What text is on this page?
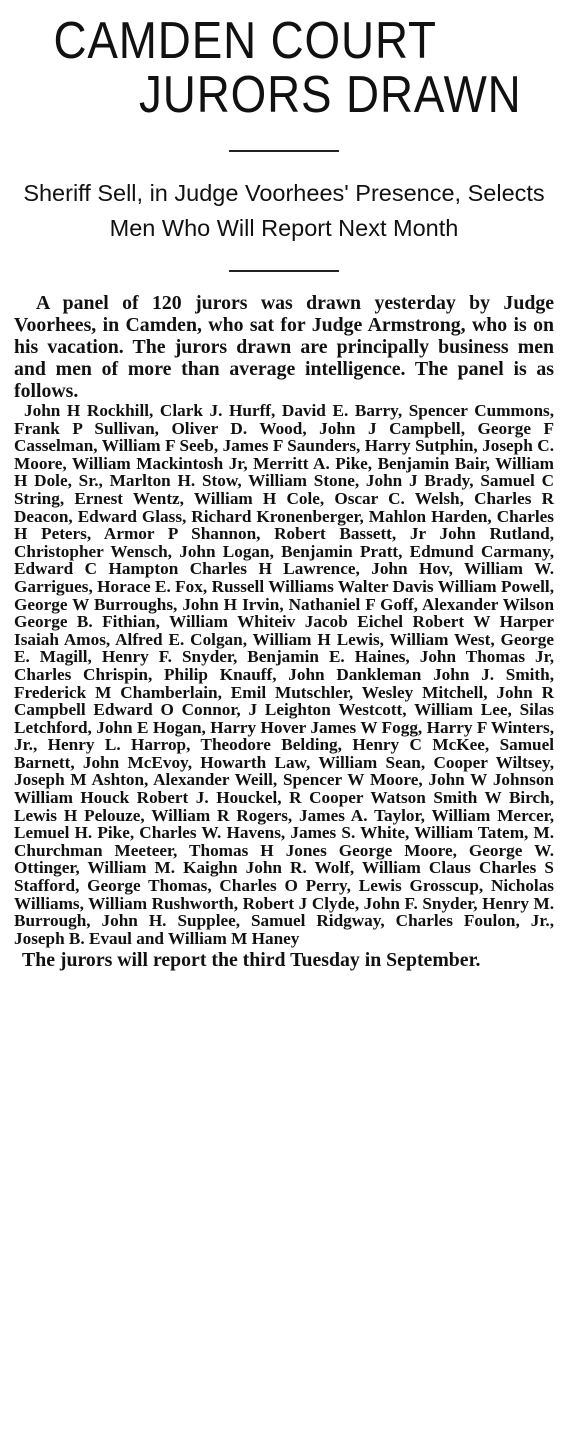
CAMDEN COURT
JURORS DRAWN
Sheriff Sell, in Judge Voorhees' Presence, Selects Men Who Will Report Next Month

A panel of 120 jurors was drawn yesterday by Judge Voorhees, in Camden, who sat for Judge Armstrong, who is on his vacation. The jurors drawn are principally business men and men of more than average intelligence. The panel is as follows.

John H Rockhill, Clark J. Hurff, David E. Barry, Spencer Cummons, Frank P Sullivan, Oliver D. Wood, John J Campbell, George F Casselman, William F Seeb, James F Saunders, Harry Sutphin, Joseph C. Moore, William Mackintosh Jr, Merritt A. Pike, Benjamin Bair, William H Dole, Sr., Marlton H. Stow, William Stone, John J Brady, Samuel C String, Ernest Wentz, William H Cole, Oscar C. Welsh, Charles R Deacon, Edward Glass, Richard Kronenberger, Mahlon Harden, Charles H Peters, Armor P Shannon, Robert Bassett, Jr John Rutland, Christopher Wensch, John Logan, Benjamin Pratt, Edmund Carmany, Edward C Hampton Charles H Lawrence, John Hov, William W. Garrigues, Horace E. Fox, Russell Williams Walter Davis William Powell, George W Burroughs, John H Irvin, Nathaniel F Goff, Alexander Wilson George B. Fithian, William Whiteiv Jacob Eichel Robert W Harper Isaiah Amos, Alfred E. Colgan, William H Lewis, William West, George E. Magill, Henry F. Snyder, Benjamin E. Haines, John Thomas Jr, Charles Chrispin, Philip Knauff, John Dankleman John J. Smith, Frederick M Chamberlain, Emil Mutschler, Wesley Mitchell, John R Campbell Edward O Connor, J Leighton Westcott, William Lee, Silas Letchford, John E Hogan, Harry Hover James W Fogg, Harry F Winters, Jr., Henry L. Harrop, Theodore Belding, Henry C McKee, Samuel Barnett, John McEvoy, Howarth Law, William Sean, Cooper Wiltsey, Joseph M Ashton, Alexander Weill, Spencer W Moore, John W Johnson William Houck Robert J. Houckel, R Cooper Watson Smith W Birch, Lewis H Pelouze, William R Rogers, James A. Taylor, William Mercer, Lemuel H. Pike, Charles W. Havens, James S. White, William Tatem, M. Churchman Meeteer, Thomas H Jones George Moore, George W. Ottinger, William M. Kaighn John R. Wolf, William Claus Charles S Stafford, George Thomas, Charles O Perry, Lewis Grosscup, Nicholas Williams, William Rushworth, Robert J Clyde, John F. Snyder, Henry M. Burrough, John H. Supplee, Samuel Ridgway, Charles Foulon, Jr., Joseph B. Evaul and William M Haney

The jurors will report the third Tuesday in September.
